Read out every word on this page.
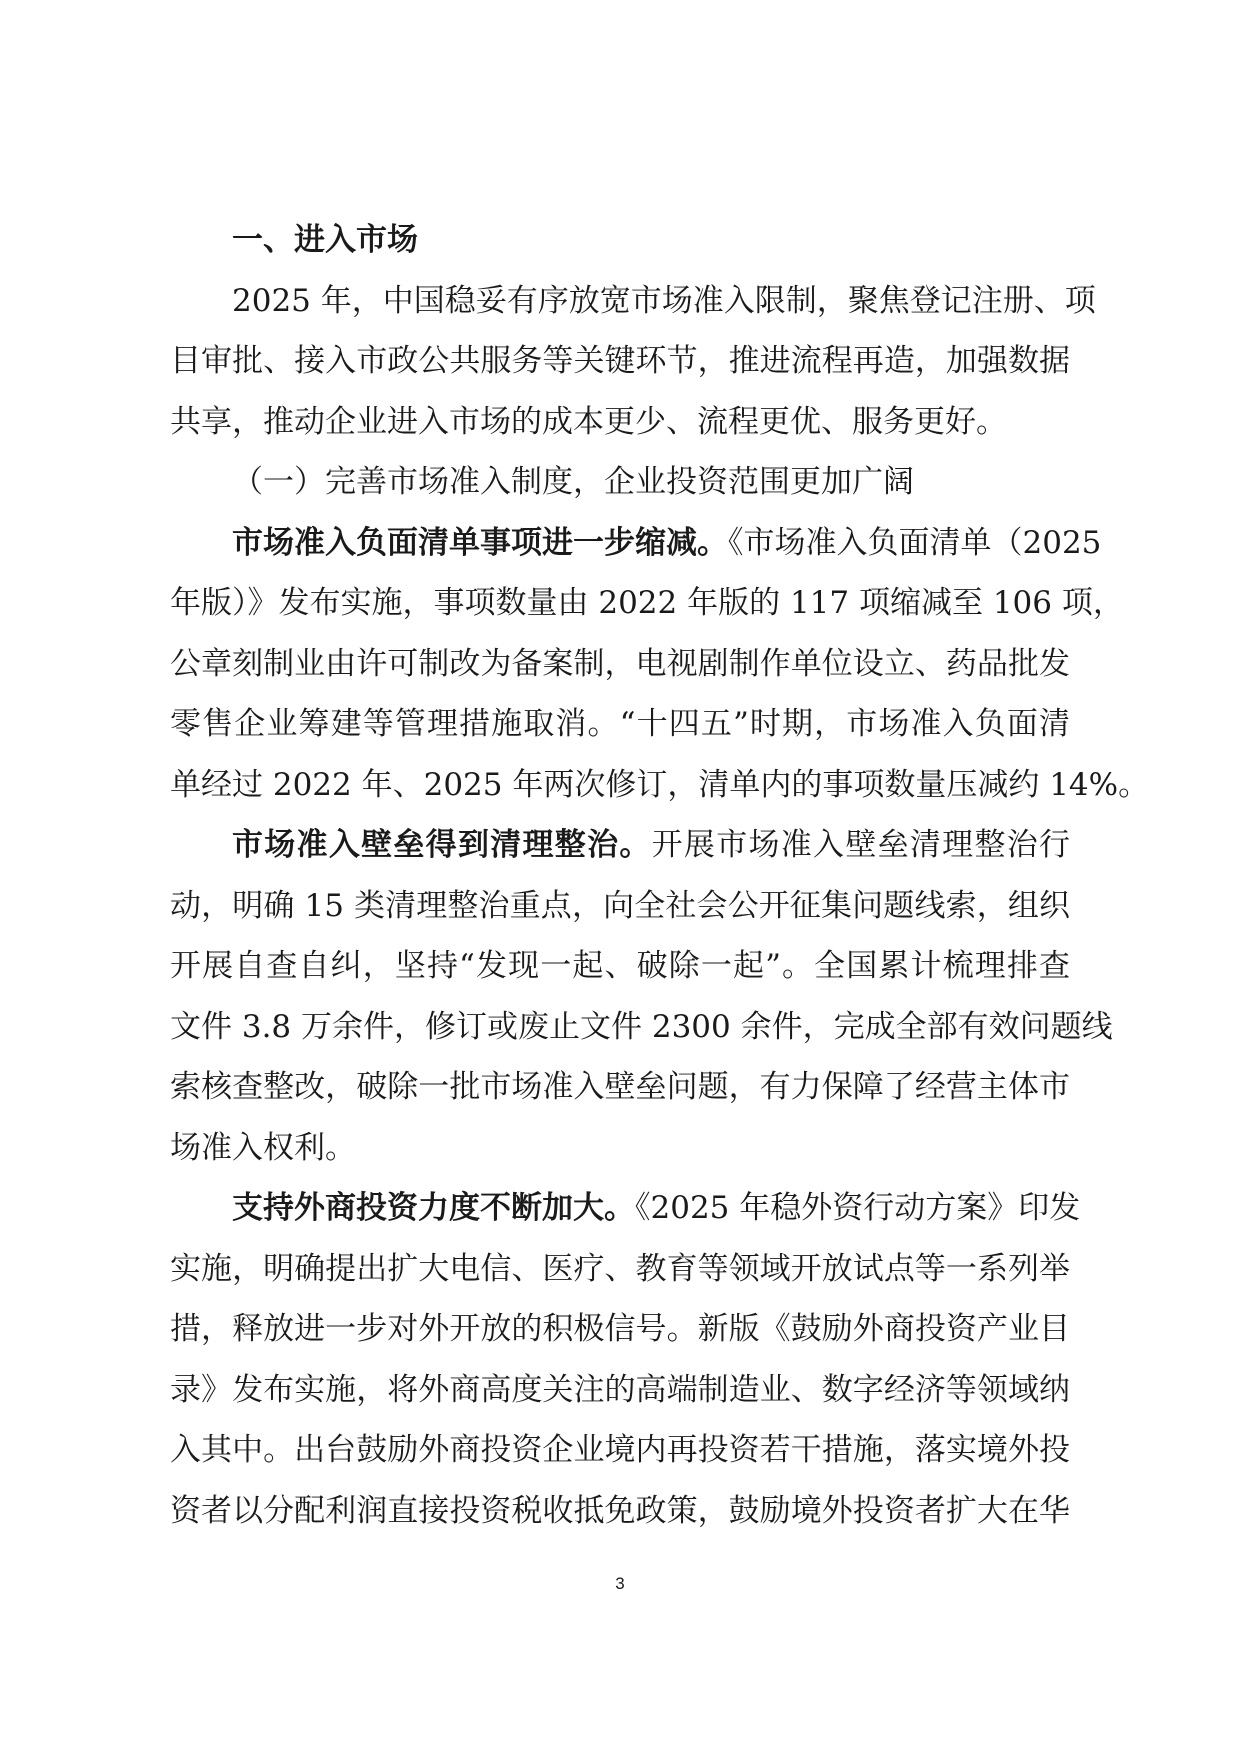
一、进入市场
2025 年，中国稳妥有序放宽市场准入限制，聚焦登记注册、项
目审批、接入市政公共服务等关键环节，推进流程再造，加强数据
共享，推动企业进入市场的成本更少、流程更优、服务更好。
（一）完善市场准入制度，企业投资范围更加广阔
市场准入负面清单事项进一步缩减。《市场准入负面清单（2025
年版）》发布实施，事项数量由 2022 年版的 117 项缩减至 106 项，
公章刻制业由许可制改为备案制，电视剧制作单位设立、药品批发
零售企业筹建等管理措施取消。“十四五”时期，市场准入负面清
单经过 2022 年、2025 年两次修订，清单内的事项数量压减约 14%。
市场准入壁垒得到清理整治。开展市场准入壁垒清理整治行
动，明确 15 类清理整治重点，向全社会公开征集问题线索，组织
开展自查自纠，坚持“发现一起、破除一起”。全国累计梳理排查
文件 3.8 万余件，修订或废止文件 2300 余件，完成全部有效问题线
索核查整改，破除一批市场准入壁垒问题，有力保障了经营主体市
场准入权利。
支持外商投资力度不断加大。《2025 年稳外资行动方案》印发
实施，明确提出扩大电信、医疗、教育等领域开放试点等一系列举
措，释放进一步对外开放的积极信号。新版《鼓励外商投资产业目
录》发布实施，将外商高度关注的高端制造业、数字经济等领域纳
入其中。出台鼓励外商投资企业境内再投资若干措施，落实境外投
资者以分配利润直接投资税收抵免政策，鼓励境外投资者扩大在华
3
